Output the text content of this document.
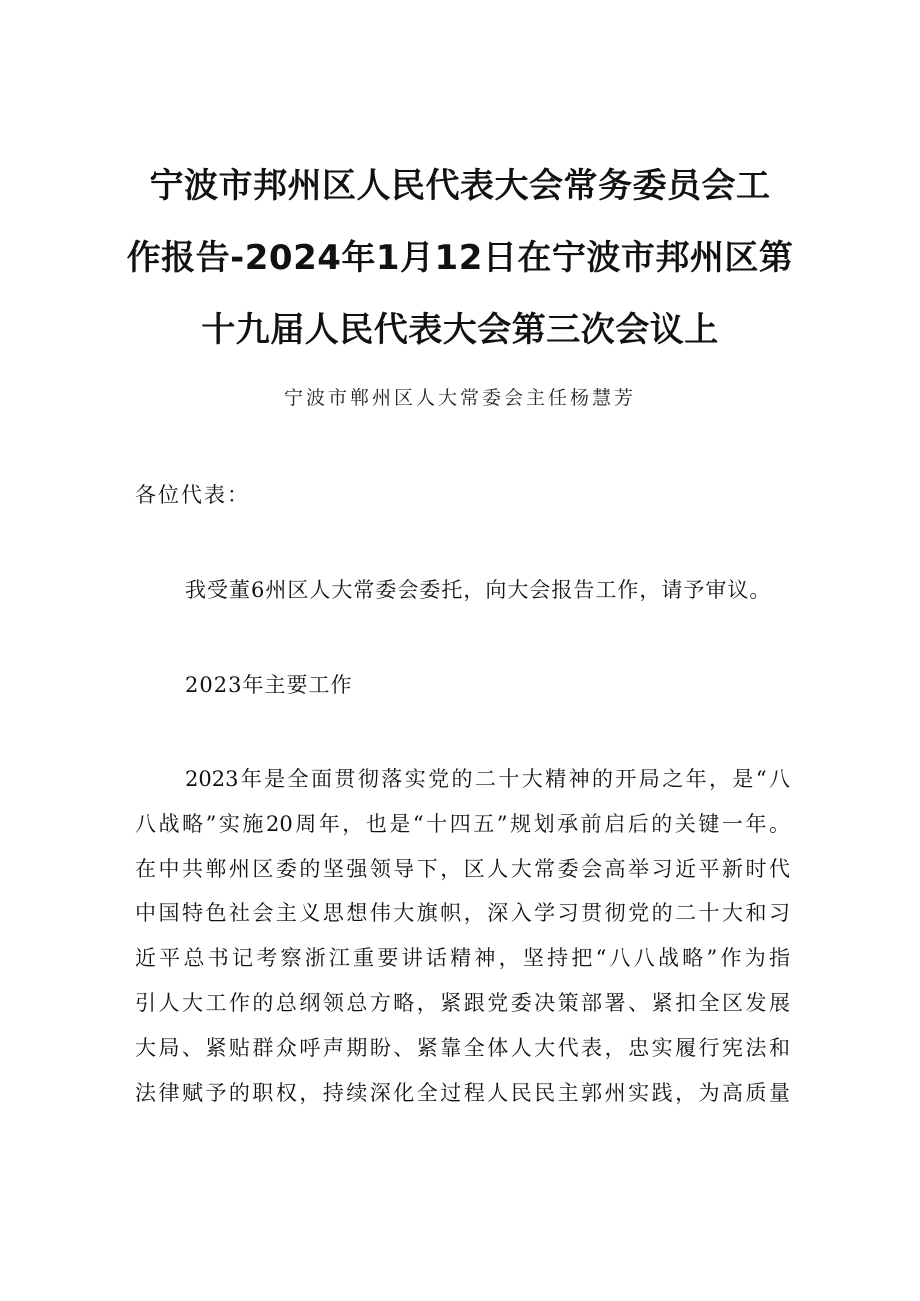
宁波市邦州区人民代表大会常务委员会工
作报告-2024年1月12日在宁波市邦州区第
十九届人民代表大会第三次会议上
宁波市郸州区人大常委会主任杨慧芳
各位代表：
我受董6州区人大常委会委托，向大会报告工作，请予审议。
2023年主要工作
2023年是全面贯彻落实党的二十大精神的开局之年，是“八
八战略”实施20周年，也是“十四五”规划承前启后的关键一年。
在中共郸州区委的坚强领导下，区人大常委会高举习近平新时代
中国特色社会主义思想伟大旗帜，深入学习贯彻党的二十大和习
近平总书记考察浙江重要讲话精神，坚持把“八八战略”作为指
引人大工作的总纲领总方略，紧跟党委决策部署、紧扣全区发展
大局、紧贴群众呼声期盼、紧靠全体人大代表，忠实履行宪法和
法律赋予的职权，持续深化全过程人民民主郭州实践，为高质量
